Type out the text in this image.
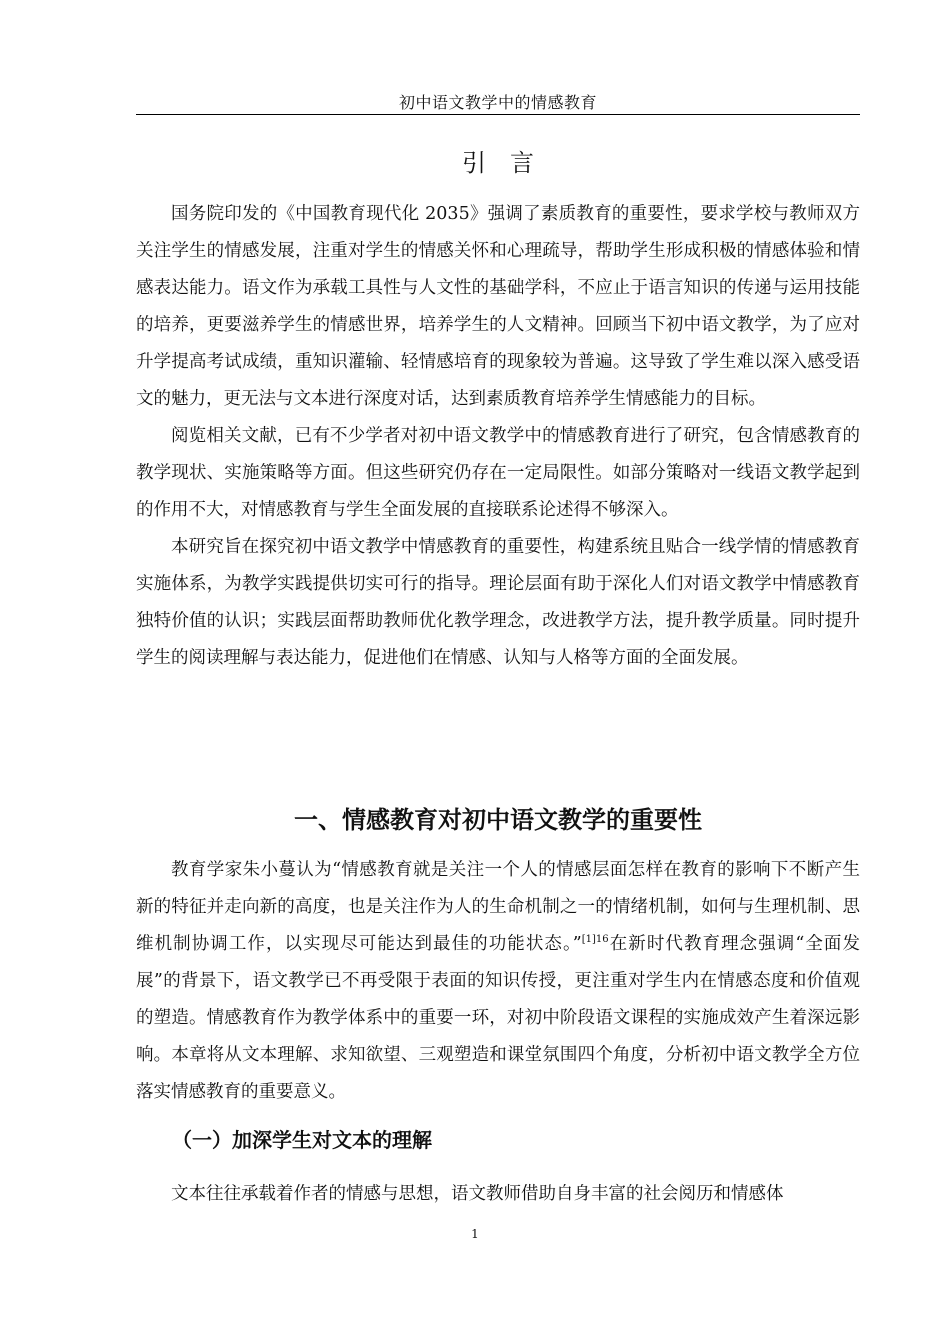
初中语文教学中的情感教育
引言

国务院印发的《中国教育现代化 2035》强调了素质教育的重要性，要求学校与教师双方关注学生的情感发展，注重对学生的情感关怀和心理疏导，帮助学生形成积极的情感体验和情感表达能力。语文作为承载工具性与人文性的基础学科，不应止于语言知识的传递与运用技能的培养，更要滋养学生的情感世界，培养学生的人文精神。回顾当下初中语文教学，为了应对升学提高考试成绩，重知识灌输、轻情感培育的现象较为普遍。这导致了学生难以深入感受语文的魅力，更无法与文本进行深度对话，达到素质教育培养学生情感能力的目标。

阅览相关文献，已有不少学者对初中语文教学中的情感教育进行了研究，包含情感教育的教学现状、实施策略等方面。但这些研究仍存在一定局限性。如部分策略对一线语文教学起到的作用不大，对情感教育与学生全面发展的直接联系论述得不够深入。

本研究旨在探究初中语文教学中情感教育的重要性，构建系统且贴合一线学情的情感教育实施体系，为教学实践提供切实可行的指导。理论层面有助于深化人们对语文教学中情感教育独特价值的认识；实践层面帮助教师优化教学理念，改进教学方法，提升教学质量。同时提升学生的阅读理解与表达能力，促进他们在情感、认知与人格等方面的全面发展。

一、情感教育对初中语文教学的重要性

教育学家朱小蔓认为“情感教育就是关注一个人的情感层面怎样在教育的影响下不断产生新的特征并走向新的高度，也是关注作为人的生命机制之一的情绪机制，如何与生理机制、思维机制协调工作，以实现尽可能达到最佳的功能状态。”$^{[1]16}$在新时代教育理念强调“全面发展”的背景下，语文教学已不再受限于表面的知识传授，更注重对学生内在情感态度和价值观的塑造。情感教育作为教学体系中的重要一环，对初中阶段语文课程的实施成效产生着深远影响。本章将从文本理解、求知欲望、三观塑造和课堂氛围四个角度，分析初中语文教学全方位落实情感教育的重要意义。

（一）加深学生对文本的理解

文本往往承载着作者的情感与思想，语文教师借助自身丰富的社会阅历和情感体

1
